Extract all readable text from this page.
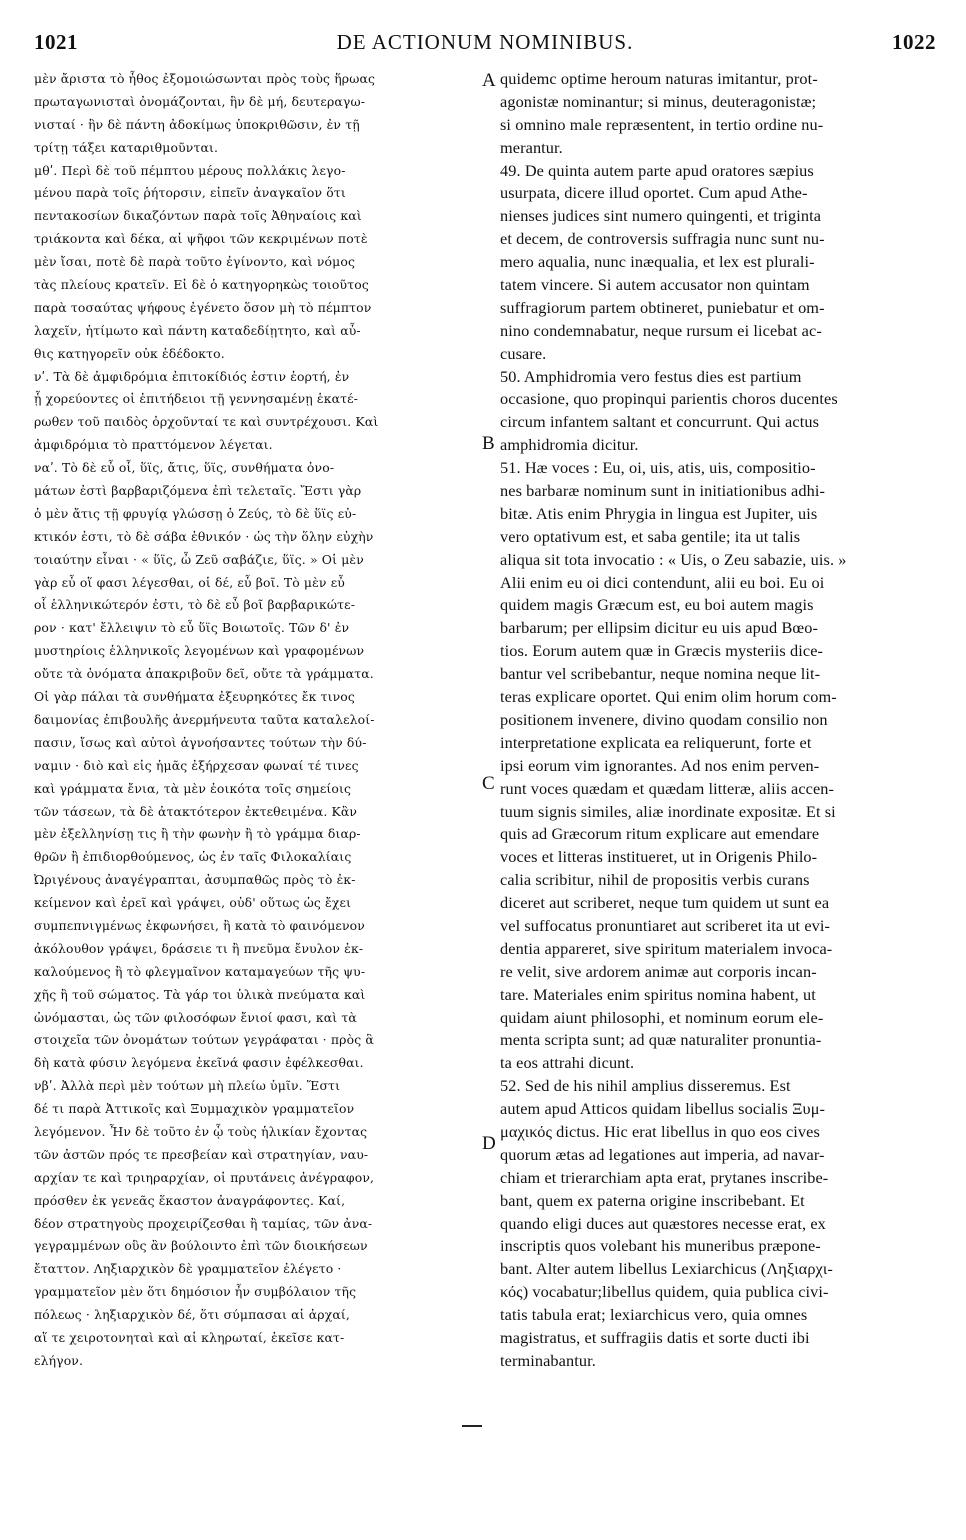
1021	DE ACTIONUM NOMINIBUS.	1022
μὲν ἄριστα τὸ ἦθος ἐξομοιώσωνται πρὸς τοὺς ἥρωας
πρωταγωνισταὶ ὀνομάζονται, ἣν δὲ μή, δευτεραγω-
νισταί · ἣν δὲ πάντη ἀδοκίμως ὑποκριθῶσιν, ἐν τῇ
τρίτῃ τάξει καταριθμοῦνται.
μθʹ. Περὶ δὲ τοῦ πέμπτου μέρους πολλάκις λεγο-
μένου παρὰ τοῖς ῥήτορσιν, εἰπεῖν ἀναγκαῖον ὅτι
πεντακοσίων δικαζόντων παρὰ τοῖς Ἀθηναίοις καὶ
τριάκοντα καὶ δέκα, αἱ ψῆφοι τῶν κεκριμένων ποτὲ
μὲν ἴσαι, ποτὲ δὲ παρὰ τοῦτο ἐγίνοντο, καὶ νόμος
τὰς πλείους κρατεῖν. Εἰ δὲ ὁ κατηγορηκὼς τοιοῦτος
παρὰ τοσαύτας ψήφους ἐγένετο ὅσον μὴ τὸ πέμπτον
λαχεῖν, ἠτίμωτο καὶ πάντη καταδεδίῃτητο, καὶ αὖ-
θις κατηγορεῖν οὐκ ἐδέδοκτο.
νʹ. Τὰ δὲ ἀμφιδρόμια ἐπιτοκίδιός ἐστιν ἑορτή, ἐν
ᾗ χορεύοντες οἱ ἐπιτήδειοι τῇ γεννησαμένῃ ἑκατέ-
ρωθεν τοῦ παιδὸς ὀρχοῦνταί τε καὶ συντρέχουσι. Καὶ
ἀμφιδρόμια τὸ πραττόμενον λέγεται.
ναʹ. Τὸ δὲ εὖ οἷ, ὕϊς, ἄτις, ὕϊς, συνθήματα ὀνο-
μάτων ἐστὶ βαρβαριζόμενα ἐπὶ τελεταῖς. Ἔστι γὰρ
ὁ μὲν ἄτις τῇ φρυγίᾳ γλώσσῃ ὁ Ζεύς, τὸ δὲ ὕϊς εὐ-
κτικόν ἐστι, τὸ δὲ σάβα ἐθνικόν · ὡς τὴν ὅλην εὐχὴν
τοιαύτην εἶναι · « ὕϊς, ὦ Ζεῦ σαβάζιε, ὕϊς. » Οἱ μὲν
γὰρ εὖ οἵ φασι λέγεσθαι, οἱ δέ, εὖ βοῖ. Τὸ μὲν εὖ
οἷ ἑλληνικώτερόν ἐστι, τὸ δὲ εὖ βοῖ βαρβαρικώτε-
ρον · κατ' ἔλλειψιν τὸ εὖ ὕϊς Βοιωτοῖς. Τῶν δ' ἐν
μυστηρίοις ἑλληνικοῖς λεγομένων καὶ γραφομένων
οὔτε τὰ ὀνόματα ἀπακριβοῦν δεῖ, οὔτε τὰ γράμματα.
Οἱ γὰρ πάλαι τὰ συνθήματα ἐξευρηκότες ἔκ τινος
δαιμονίας ἐπιβουλῆς ἀνερμήνευτα ταῦτα καταλελοί-
πασιν, ἴσως καὶ αὐτοὶ ἀγνοήσαντες τούτων τὴν δύ-
ναμιν · διὸ καὶ εἰς ἡμᾶς ἐξήρχεσαν φωναί τέ τινες
καὶ γράμματα ἔνια, τὰ μὲν ἐοικότα τοῖς σημείοις
τῶν τάσεων, τὰ δὲ ἀτακτότερον ἐκτεθειμένα. Κἂν
μὲν ἐξελληνίσῃ τις ἢ τὴν φωνὴν ἢ τὸ γράμμα διαρ-
θρῶν ἢ ἐπιδιορθούμενος, ὡς ἐν ταῖς Φιλοκαλίαις
Ὠριγένους ἀναγέγραπται, ἀσυμπαθῶς πρὸς τὸ ἐκ-
κείμενον καὶ ἐρεῖ καὶ γράψει, οὐδ' οὕτως ὡς ἔχει
συμπεπνιγμένως ἐκφωνήσει, ἢ κατὰ τὸ φαινόμενον
ἀκόλουθον γράψει, δράσειε τι ἢ πνεῦμα ἔνυλον ἐκ-
καλούμενος ἢ τὸ φλεγμαῖνον καταμαγεύων τῆς ψυ-
χῆς ἢ τοῦ σώματος. Τὰ γάρ τοι ὑλικὰ πνεύματα καὶ
ὠνόμασται, ὡς τῶν φιλοσόφων ἔνιοί φασι, καὶ τὰ
στοιχεῖα τῶν ὀνομάτων τούτων γεγράφαται · πρὸς ἃ
δὴ κατὰ φύσιν λεγόμενα ἐκεῖνά φασιν ἐφέλκεσθαι.
νβʹ. Ἀλλὰ περὶ μὲν τούτων μὴ πλείω ὑμῖν. Ἔστι
δέ τι παρὰ Ἀττικοῖς καὶ Ξυμμαχικὸν γραμματεῖον
λεγόμενον. Ἦν δὲ τοῦτο ἐν ᾧ τοὺς ἡλικίαν ἔχοντας
τῶν ἀστῶν πρός τε πρεσβείαν καὶ στρατηγίαν, ναυ-
αρχίαν τε καὶ τριηραρχίαν, οἱ πρυτάνεις ἀνέγραφον,
πρόσθεν ἐκ γενεᾶς ἕκαστον ἀναγράφοντες. Καί,
δέον στρατηγοὺς προχειρίζεσθαι ἢ ταμίας, τῶν ἀνα-
γεγραμμένων οὓς ἂν βούλοιντο ἐπὶ τῶν διοικήσεων
ἔταττον. Ληξιαρχικὸν δὲ γραμματεῖον ἐλέγετο ·
γραμματεῖον μὲν ὅτι δημόσιον ἦν συμβόλαιον τῆς
πόλεως · ληξιαρχικὸν δέ, ὅτι σύμπασαι αἱ ἀρχαί,
αἵ τε χειροτονηταὶ καὶ αἱ κληρωταί, ἐκεῖσε κατ-
ελήγον.
quidemc optime heroum naturas imitantur, prot-
agonistæ nominantur; si minus, deuteragonistæ;
si omnino male repræsentent, in tertio ordine nu-
merantur.
49. De quinta autem parte apud oratores sæpius
usurpata, dicere illud oportet. Cum apud Athe-
nienses judices sint numero quingenti, et triginta
et decem, de controversis suffragia nunc sunt nu-
mero aqualia, nunc inæqualia, et lex est plurali-
tatem vincere. Si autem accusator non quintam
suffragiorum partem obtineret, puniebatur et om-
nino condemnabatur, neque rursum ei licebat ac-
cusare.
50. Amphidromia vero festus dies est partium
occasione, quo propinqui parientis choros ducentes
circum infantem saltant et concurrunt. Qui actus
amphidromia dicitur.
51. Hæ voces : Eu, oi, uis, atis, uis, compositio-
nes barbaræ nominum sunt in initiationibus adhi-
bitæ. Atis enim Phrygia in lingua est Jupiter, uis
vero optativum est, et saba gentile; ita ut talis
aliqua sit tota invocatio : « Uis, o Zeu sabazie, uis. »
Alii enim eu oi dici contendunt, alii eu boi. Eu oi
quidem magis Græcum est, eu boi autem magis
barbarum; per ellipsim dicitur eu uis apud Bœo-
tios. Eorum autem quæ in Græcis mysteriis dice-
bantur vel scribebantur, neque nomina neque lit-
teras explicare oportet. Qui enim olim horum com-
positionem invenere, divino quodam consilio non
interpretatione explicata ea reliquerunt, forte et
ipsi eorum vim ignorantes. Ad nos enim perven-
runt voces quædam et quædam litteræ, aliis accen-
tuum signis similes, aliæ inordinate expositæ. Et si
quis ad Græcorum ritum explicare aut emendare
voces et litteras institueret, ut in Origenis Philo-
calia scribitur, nihil de propositis verbis curans
diceret aut scriberet, neque tum quidem ut sunt ea
vel suffocatus pronuntiaret aut scriberet ita ut evi-
dentia appareret, sive spiritum materialem invoca-
re velit, sive ardorem animæ aut corporis incan-
tare. Materiales enim spiritus nomina habent, ut
quidam aiunt philosophi, et nominum eorum ele-
menta scripta sunt; ad quæ naturaliter pronuntia-
ta eos attrahi dicunt.
52. Sed de his nihil amplius disseremus. Est
autem apud Atticos quidam libellus socialis Ξυμ-
μαχικός dictus. Hic erat libellus in quo eos cives
quorum ætas ad legationes aut imperia, ad navar-
chiam et trierarchiam apta erat, prytanes inscribe-
bant, quem ex paterna origine inscribebant. Et
quando eligi duces aut quæstores necesse erat, ex
inscriptis quos volebant his muneribus præpone-
bant. Alter autem libellus Lexiarchicus (Ληξιαρχι-
κός) vocabatur;libellus quidem, quia publica civi-
tatis tabula erat; lexiarchicus vero, quia omnes
magistratus, et suffragiis datis et sorte ducti ibi
terminabantur.
A
B
C
D
